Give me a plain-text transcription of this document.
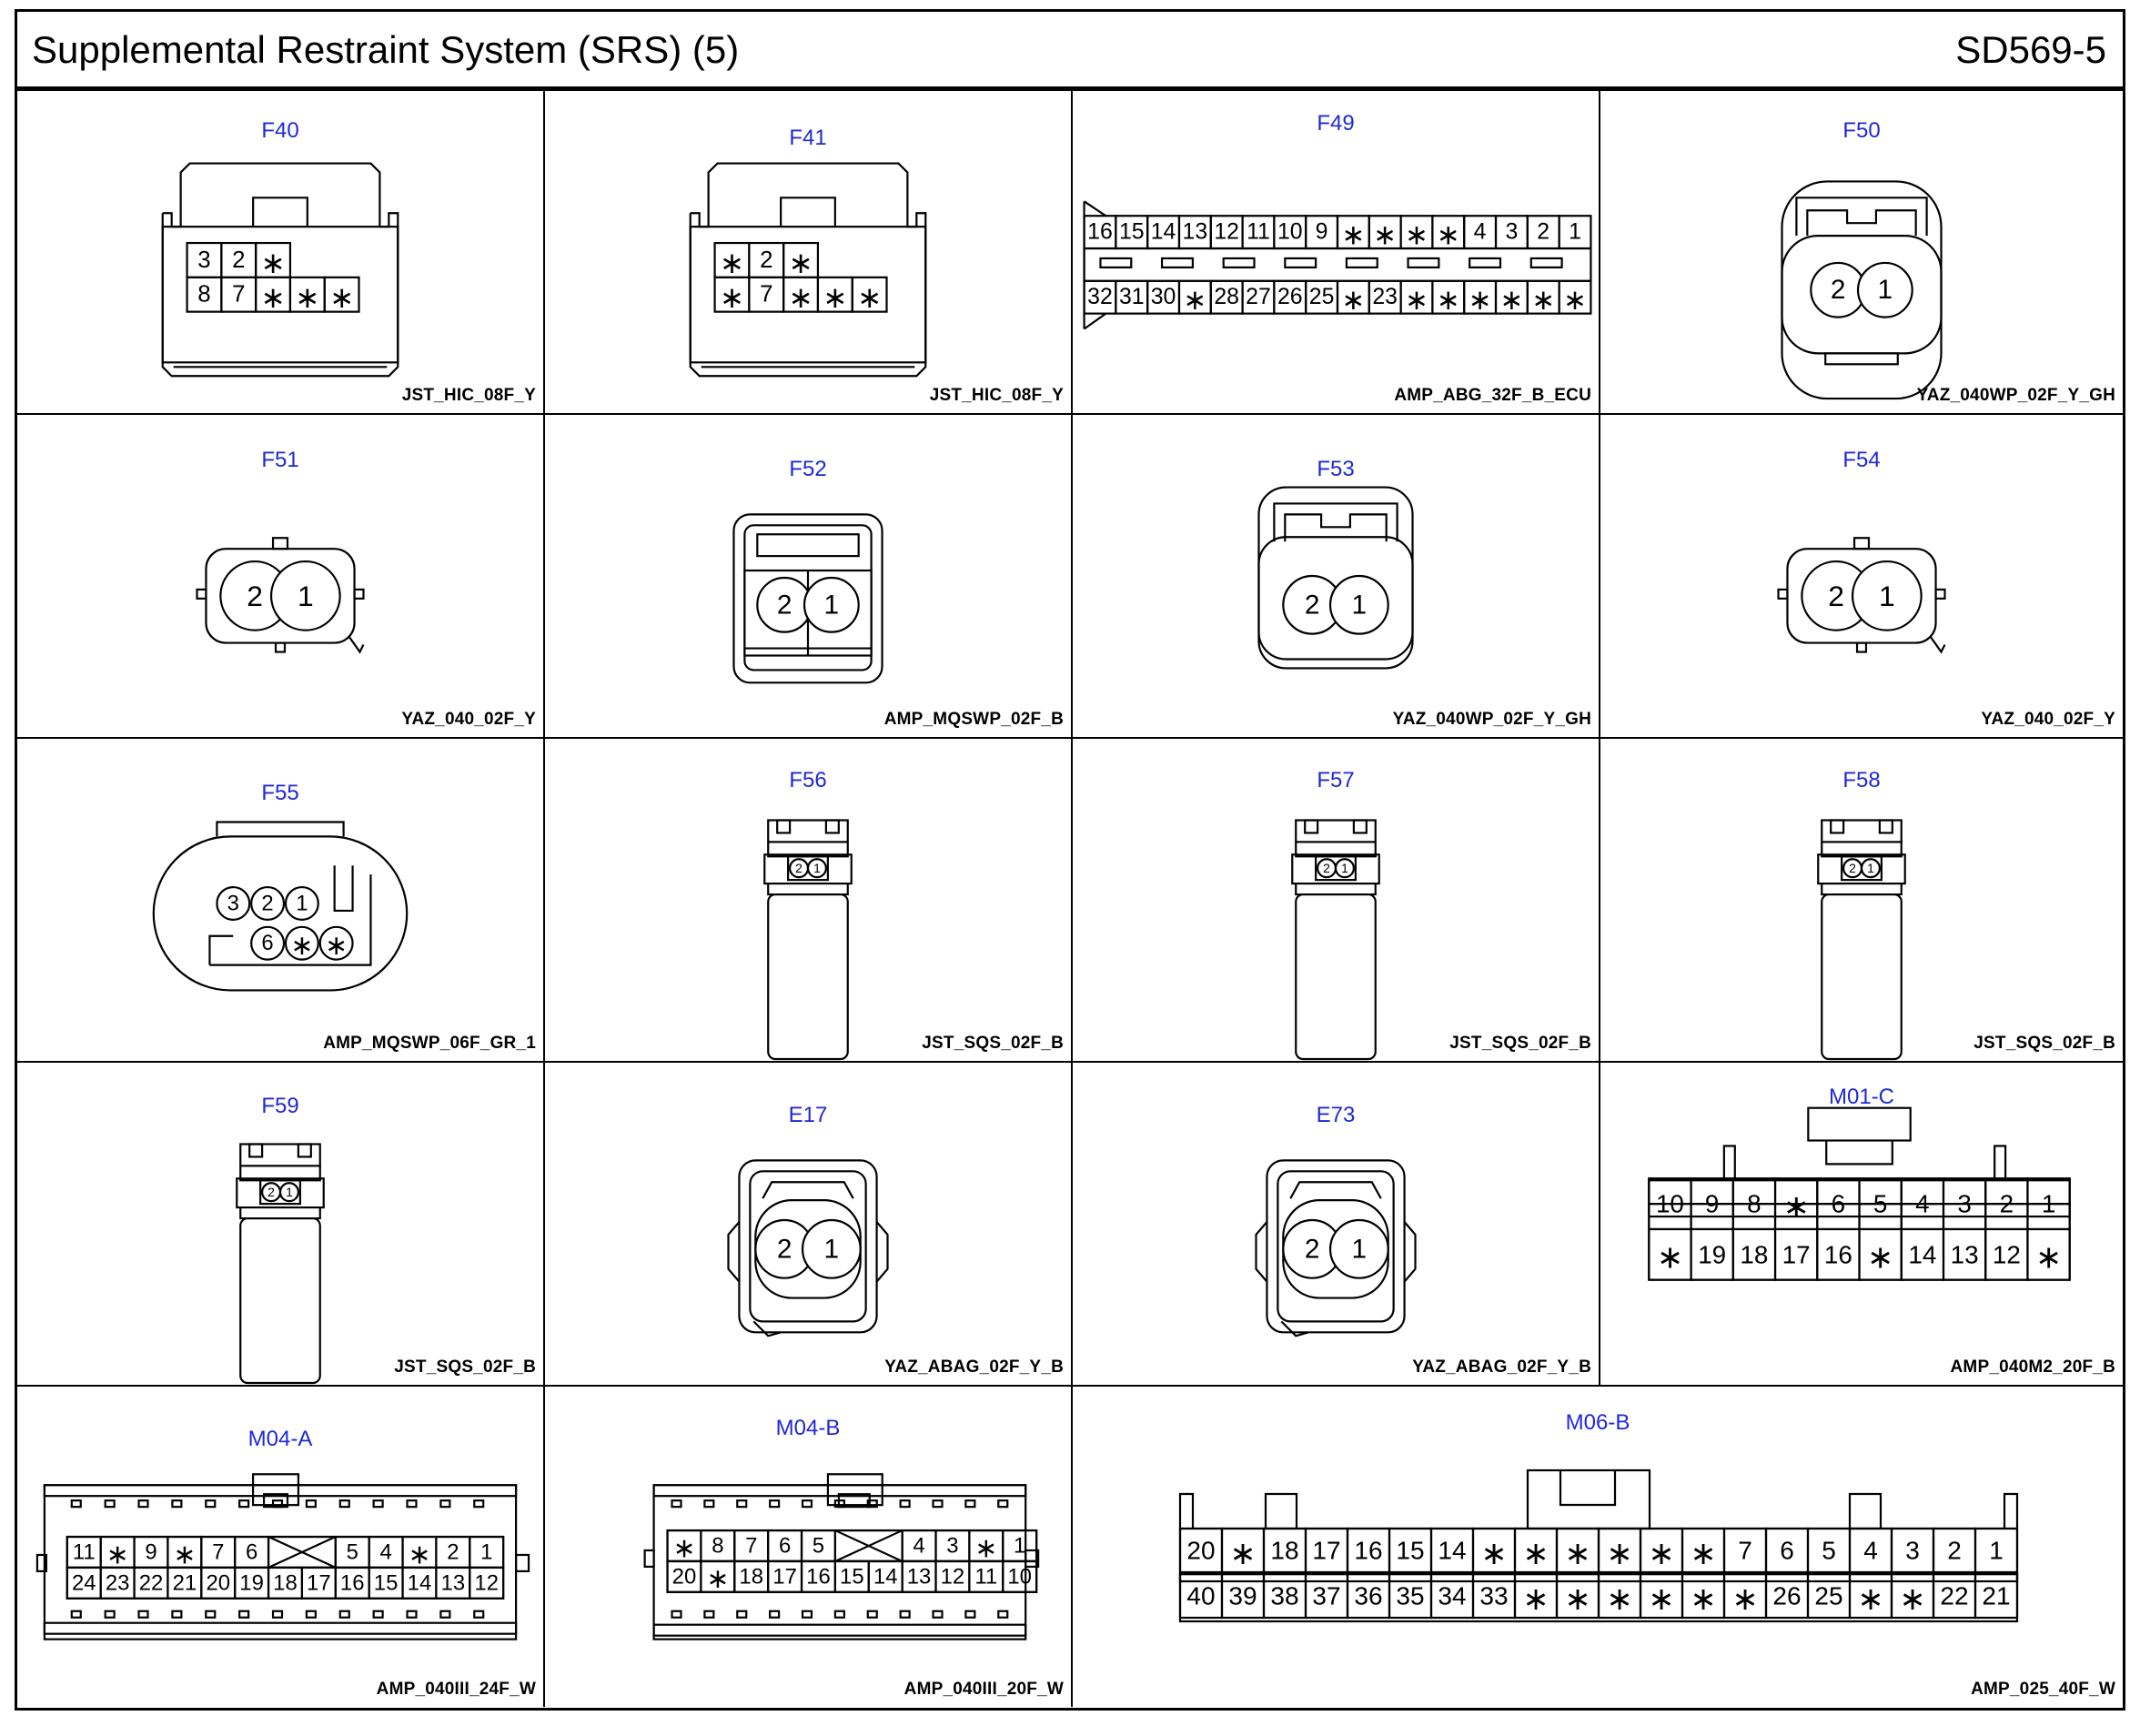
Supplemental Restraint System (SRS) (5)	SD569-5
3 2 ∗
8 7 ∗ ∗ ∗
F40
JST_HIC_08F_Y
∗ 2 ∗
∗ 7 ∗ ∗ ∗
F41
JST_HIC_08F_Y
16 15 14 13 12 11 10 9 ∗ ∗ ∗ ∗ 4 3 2 1
32 31 30 ∗ 28 27 26 25 ∗ 23 ∗ ∗ ∗ ∗ ∗ ∗
F49
AMP_ABG_32F_B_ECU
2 1
F50
YAZ_040WP_02F_Y_GH
2 1
F51
YAZ_040_02F_Y
2 1
F52
AMP_MQSWP_02F_B
2 1
F53
YAZ_040WP_02F_Y_GH
2 1
F54
YAZ_040_02F_Y
3 2 1
6 ∗ ∗
F55
AMP_MQSWP_06F_GR_1
2 1
F56
JST_SQS_02F_B
2 1
F57
JST_SQS_02F_B
2 1
F58
JST_SQS_02F_B
2 1
F59
JST_SQS_02F_B
2 1
E17
YAZ_ABAG_02F_Y_B
2 1
E73
YAZ_ABAG_02F_Y_B
10 9 8 ∗ 6 5 4 3 2 1
∗ 19 18 17 16 ∗ 14 13 12 ∗
M01-C
AMP_040M2_20F_B
11 ∗ 9 ∗ 7 6	5 4 ∗ 2 1
24 23 22 21 20 19 18 17 16 15 14 13 12
M04-A
AMP_040III_24F_W
∗ 8 7 6 5	4 3 ∗ 1
20 ∗ 18 17 16 15 14 13 12 11 10
M04-B
AMP_040III_20F_W
20 ∗ 18 17 16 15 14 ∗ ∗ ∗ ∗ ∗ ∗ 7 6 5 4 3 2 1
40 39 38 37 36 35 34 33 ∗ ∗ ∗ ∗ ∗ ∗ 26 25 ∗ ∗ 22 21
M06-B
AMP_025_40F_W
